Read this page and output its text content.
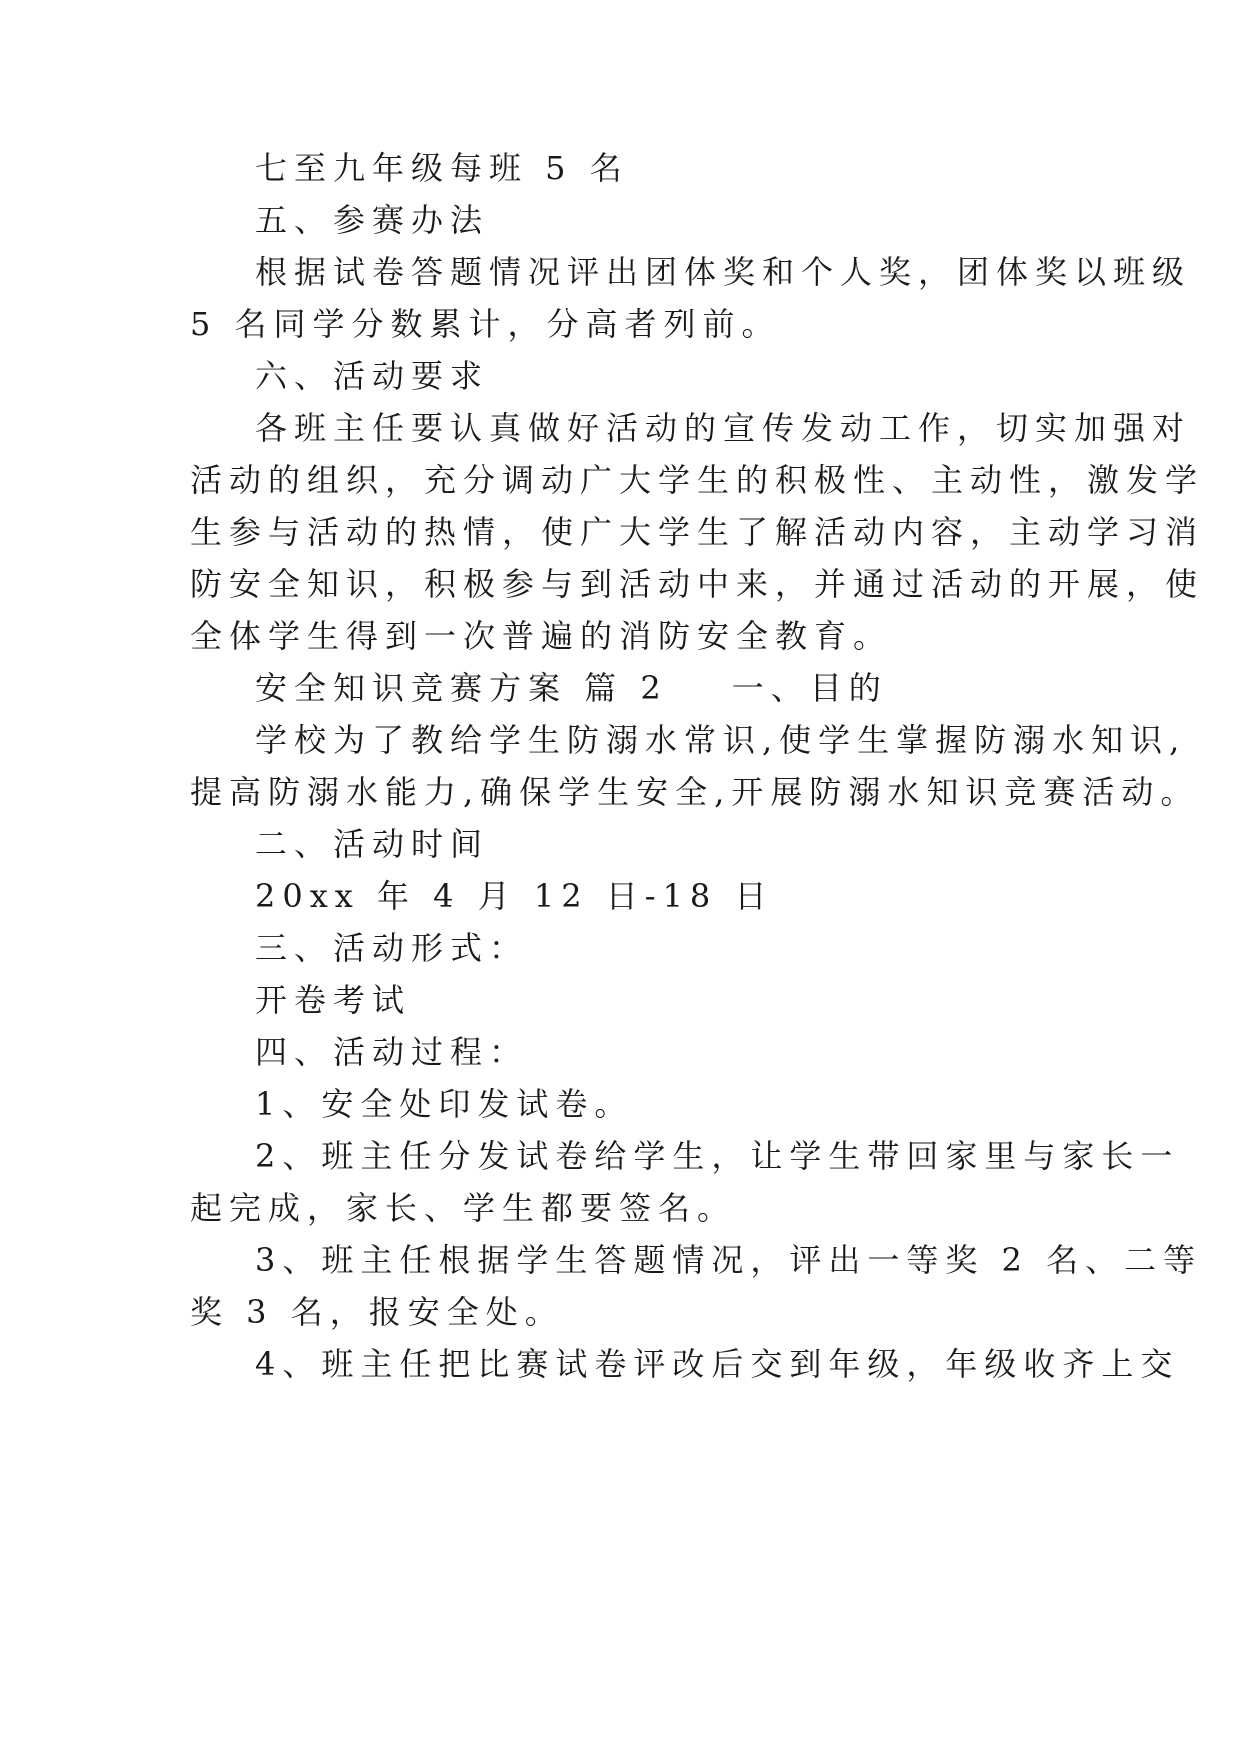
七至九年级每班 5 名
五、参赛办法
根据试卷答题情况评出团体奖和个人奖，团体奖以班级
5 名同学分数累计，分高者列前。
六、活动要求
各班主任要认真做好活动的宣传发动工作，切实加强对
活动的组织，充分调动广大学生的积极性、主动性，激发学
生参与活动的热情，使广大学生了解活动内容，主动学习消
防安全知识，积极参与到活动中来，并通过活动的开展，使
全体学生得到一次普遍的消防安全教育。
安全知识竞赛方案 篇 2 一、目的
学校为了教给学生防溺水常识,使学生掌握防溺水知识,
提高防溺水能力,确保学生安全,开展防溺水知识竞赛活动。
二、活动时间
20xx 年 4 月 12 日-18 日
三、活动形式：
开卷考试
四、活动过程：
1、安全处印发试卷。
2、班主任分发试卷给学生，让学生带回家里与家长一
起完成，家长、学生都要签名。
3、班主任根据学生答题情况，评出一等奖 2 名、二等
奖 3 名，报安全处。
4、班主任把比赛试卷评改后交到年级，年级收齐上交
